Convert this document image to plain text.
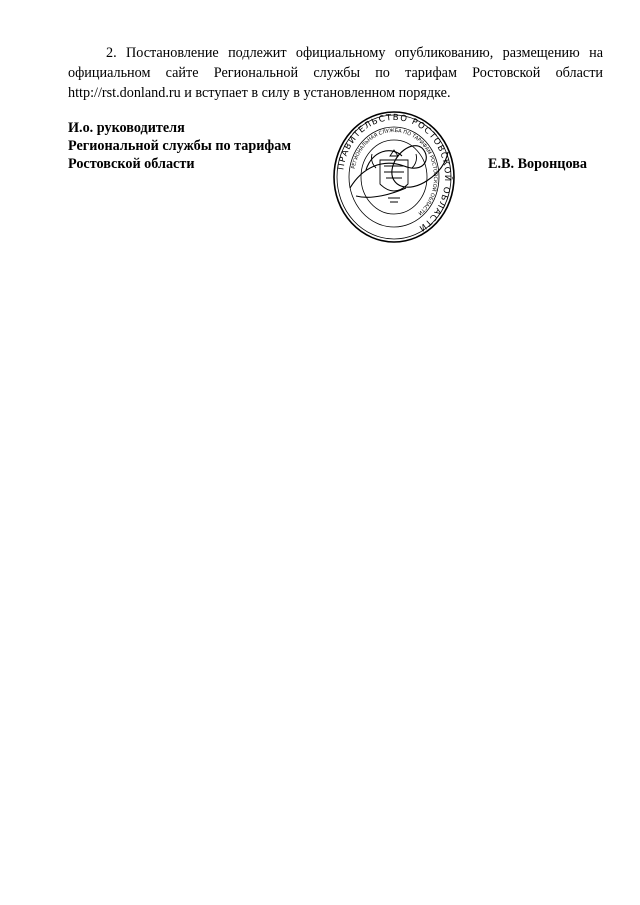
2. Постановление подлежит официальному опубликованию, размещению на официальном сайте Региональной службы по тарифам Ростовской области http://rst.donland.ru и вступает в силу в установленном порядке.

И.о. руководителя
Региональной службы по тарифам
Ростовской области	Е.В. Воронцова
ПРАВИТЕЛЬСТВО РОСТОВСКОЙ ОБЛАСТИ
РЕГИОНАЛЬНАЯ СЛУЖБА ПО ТАРИФАМ РОСТОВСКОЙ ОБЛАСТИ
